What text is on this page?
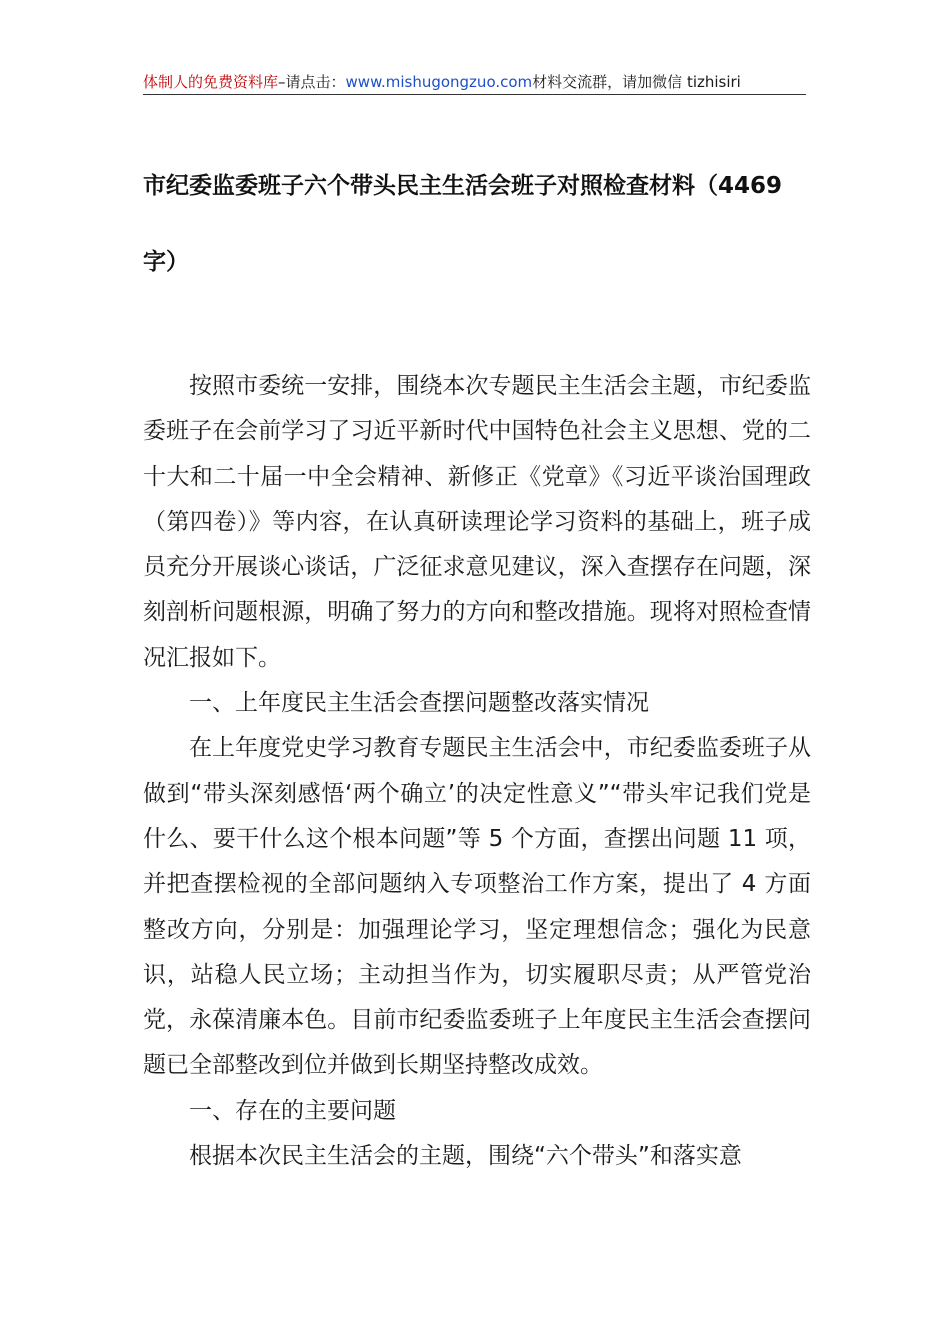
体制人的免费资料库–请点击：www.mishugongzuo.com材料交流群，请加微信 tizhisiri
市纪委监委班子六个带头民主生活会班子对照检查材料（4469字）

按照市委统一安排，围绕本次专题民主生活会主题，市纪委监委班子在会前学习了习近平新时代中国特色社会主义思想、党的二十大和二十届一中全会精神、新修正《党章》《习近平谈治国理政（第四卷）》等内容，在认真研读理论学习资料的基础上，班子成员充分开展谈心谈话，广泛征求意见建议，深入查摆存在问题，深刻剖析问题根源，明确了努力的方向和整改措施。现将对照检查情况汇报如下。

一、上年度民主生活会查摆问题整改落实情况

在上年度党史学习教育专题民主生活会中，市纪委监委班子从做到“带头深刻感悟‘两个确立’的决定性意义”“带头牢记我们党是什么、要干什么这个根本问题”等 5 个方面，查摆出问题 11 项，并把查摆检视的全部问题纳入专项整治工作方案，提出了 4 方面整改方向，分别是：加强理论学习，坚定理想信念；强化为民意识，站稳人民立场；主动担当作为，切实履职尽责；从严管党治党，永葆清廉本色。目前市纪委监委班子上年度民主生活会查摆问题已全部整改到位并做到长期坚持整改成效。

一、存在的主要问题

根据本次民主生活会的主题，围绕“六个带头”和落实意
